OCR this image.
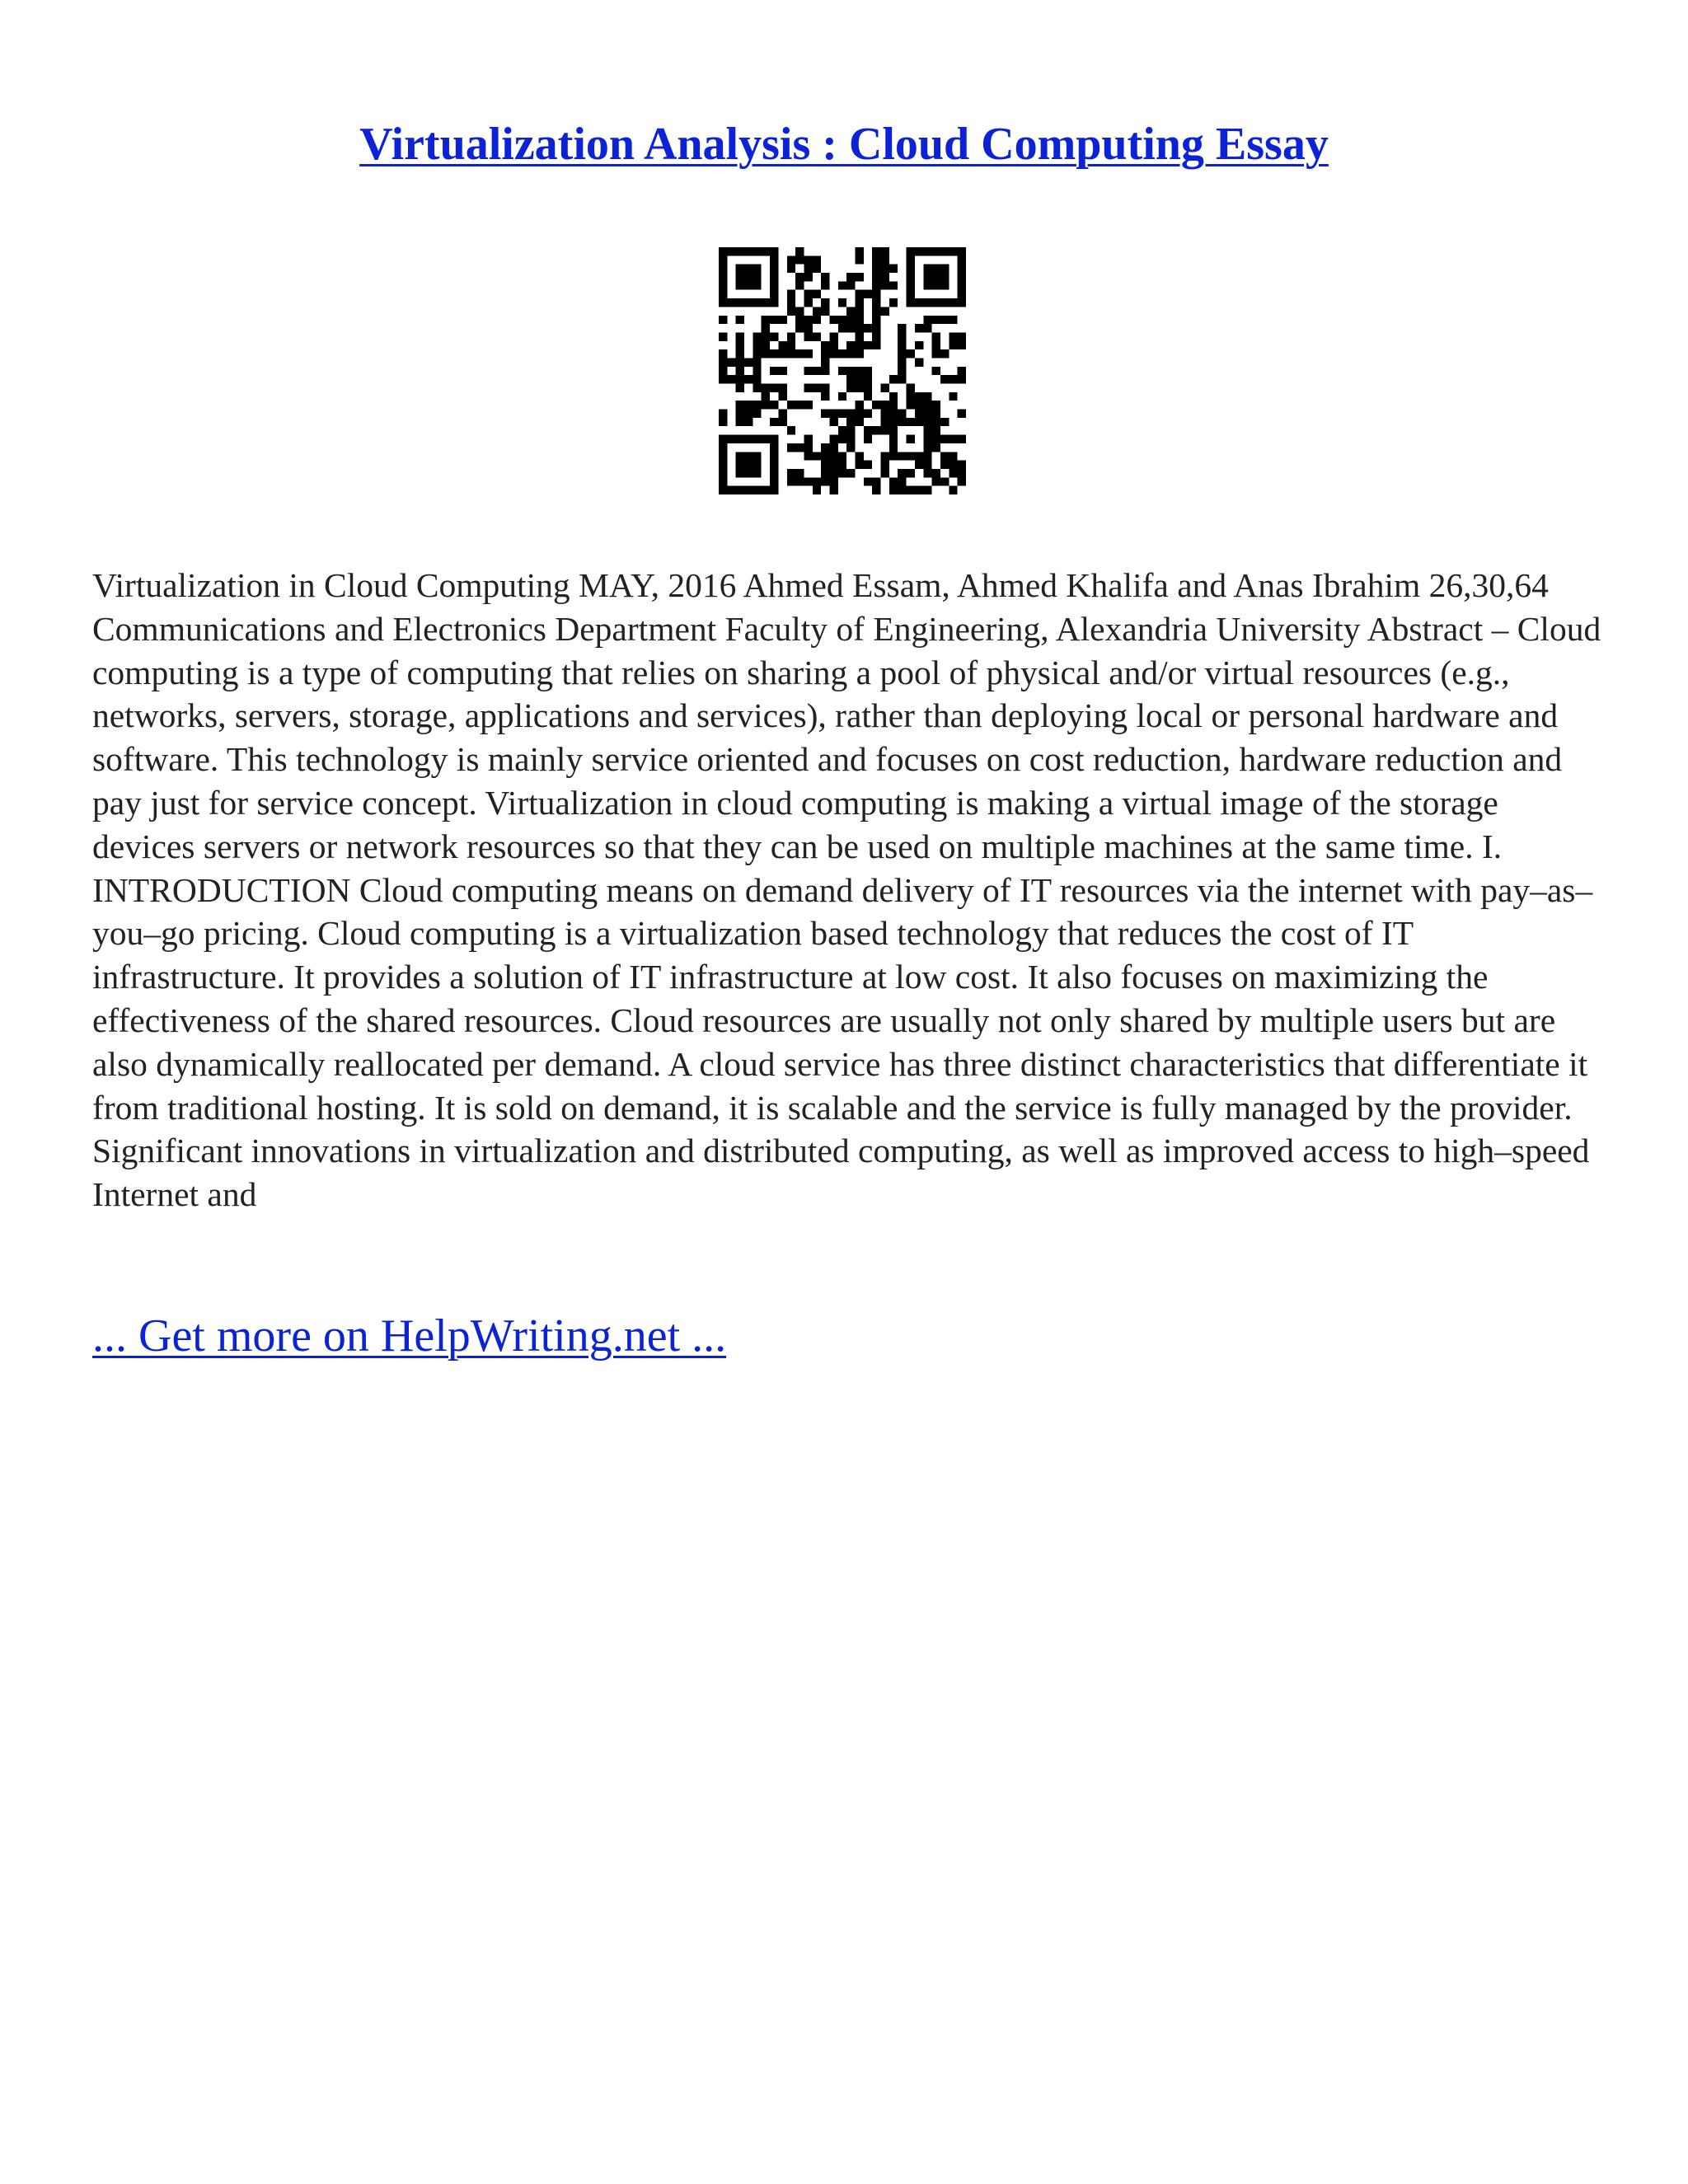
Virtualization Analysis : Cloud Computing Essay
Virtualization in Cloud Computing MAY, 2016 Ahmed Essam, Ahmed Khalifa and Anas Ibrahim 26,30,64 Communications and Electronics Department Faculty of Engineering, Alexandria University Abstract – Cloud computing is a type of computing that relies on sharing a pool of physical and/or virtual resources (e.g., networks, servers, storage, applications and services), rather than deploying local or personal hardware and software. This technology is mainly service oriented and focuses on cost reduction, hardware reduction and pay just for service concept. Virtualization in cloud computing is making a virtual image of the storage devices servers or network resources so that they can be used on multiple machines at the same time. I. INTRODUCTION Cloud computing means on demand delivery of IT resources via the internet with pay–as–you–go pricing. Cloud computing is a virtualization based technology that reduces the cost of IT infrastructure. It provides a solution of IT infrastructure at low cost. It also focuses on maximizing the effectiveness of the shared resources. Cloud resources are usually not only shared by multiple users but are also dynamically reallocated per demand. A cloud service has three distinct characteristics that differentiate it from traditional hosting. It is sold on demand, it is scalable and the service is fully managed by the provider. Significant innovations in virtualization and distributed computing, as well as improved access to high–speed Internet and
... Get more on HelpWriting.net ...
